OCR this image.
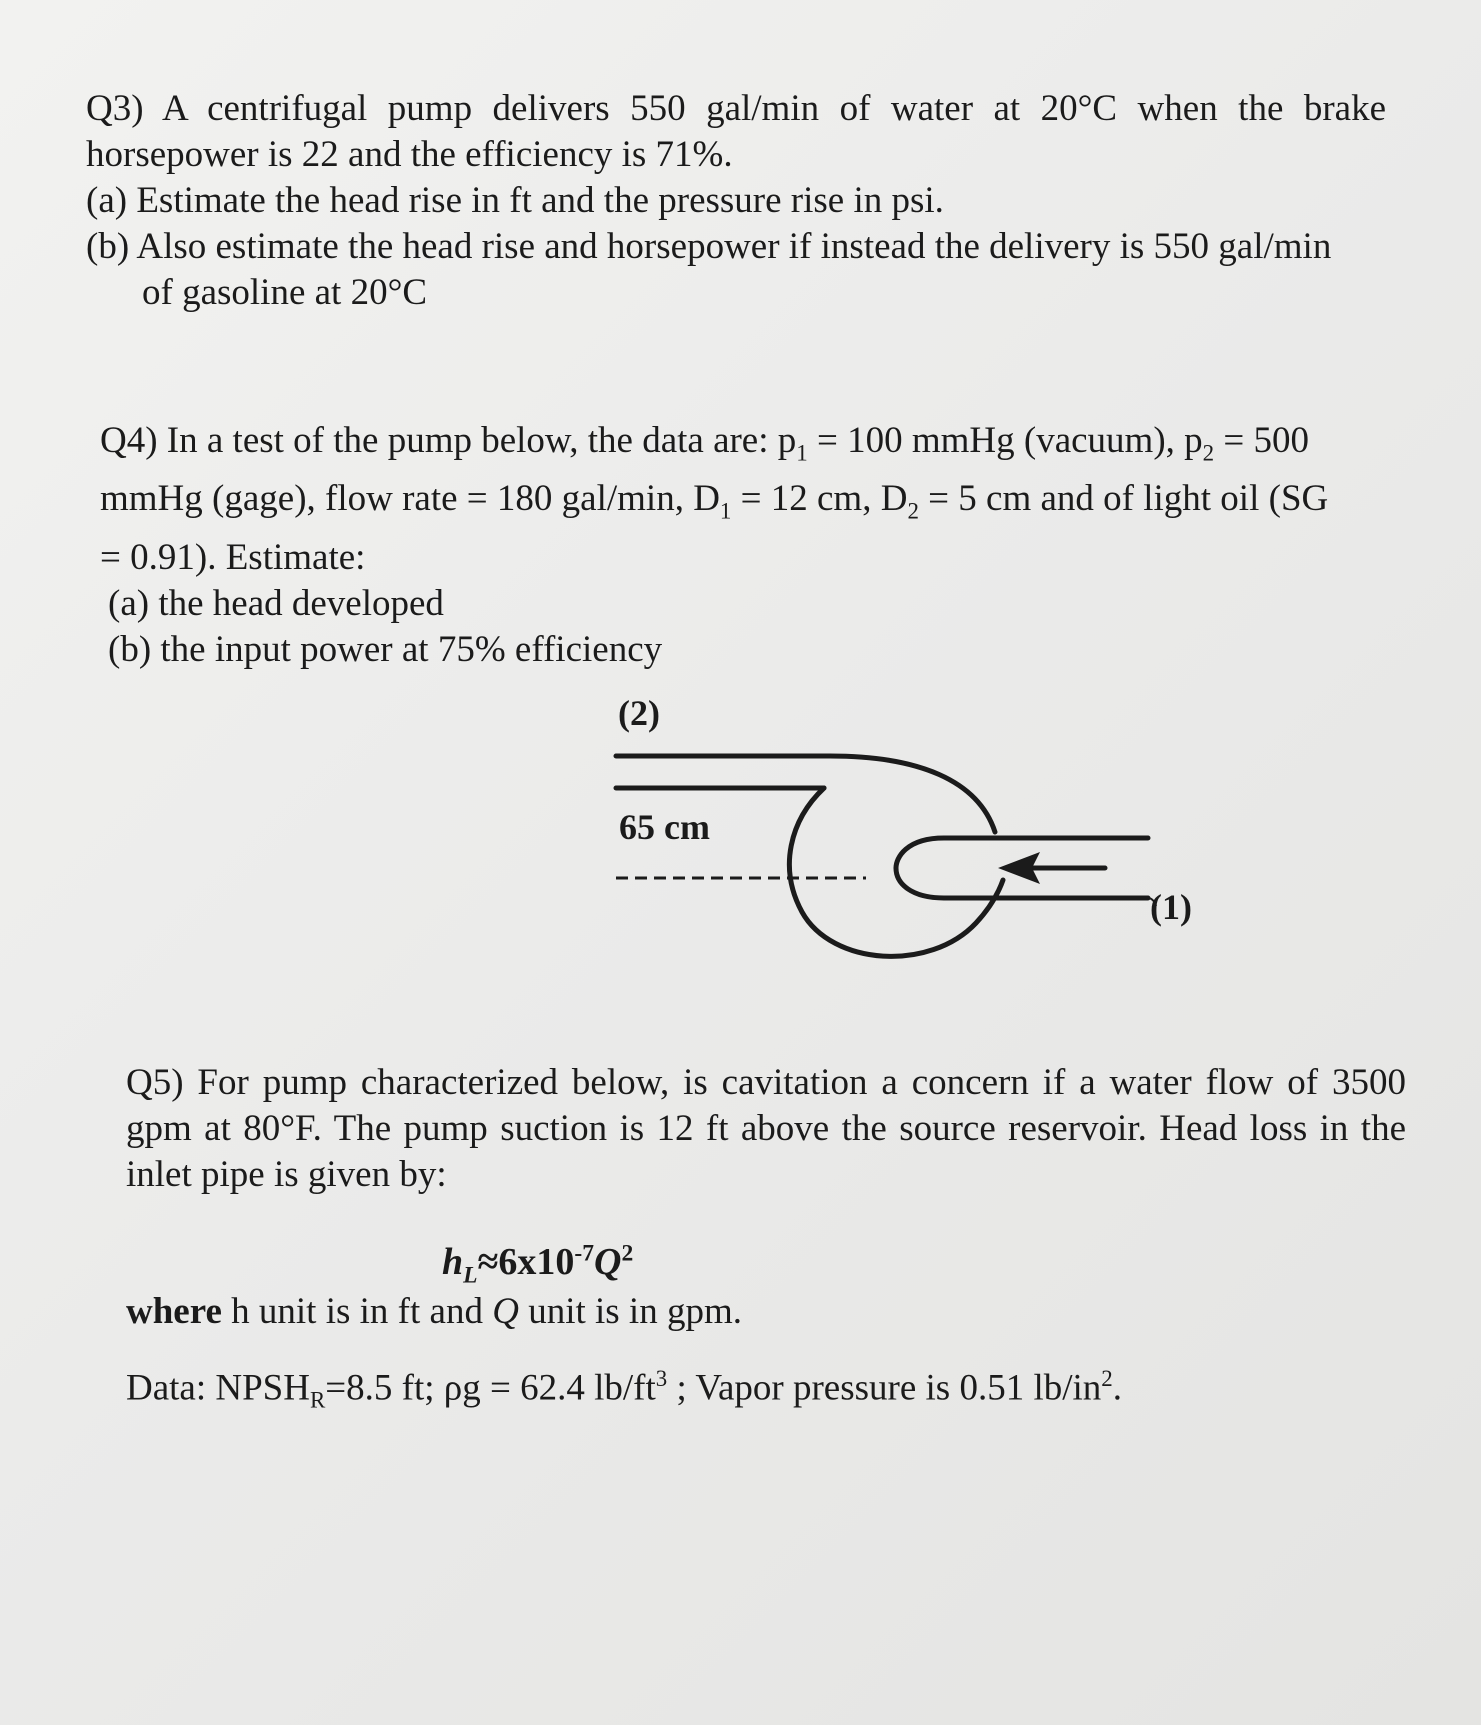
Q3) A centrifugal pump delivers 550 gal/min of water at 20°C when the brake
horsepower is 22 and the efficiency is 71%.
(a) Estimate the head rise in ft and the pressure rise in psi.
(b) Also estimate the head rise and horsepower if instead the delivery is 550 gal/min
of gasoline at 20°C
Q4) In a test of the pump below, the data are: $p_1 = 100$ mmHg (vacuum), $p_2 = 500$
mmHg (gage), flow rate = 180 gal/min, $D_1 = 12$ cm, $D_2 = 5$ cm and of light oil (SG
= 0.91). Estimate:
(a) the head developed
(b) the input power at 75% efficiency
(2)
65 cm
(1)
Q5) For pump characterized below, is cavitation a concern if a water flow of 3500
gpm at 80°F. The pump suction is 12 ft above the source reservoir. Head loss in the
inlet pipe is given by:
$h_L\approx 6x10^{-7}Q^2$
where h unit is in ft and Q unit is in gpm.
Data: $NPSH_R=8.5$ ft; ρg = 62.4 $lb/ft^3$ ; Vapor pressure is 0.51 $lb/in^2$.
